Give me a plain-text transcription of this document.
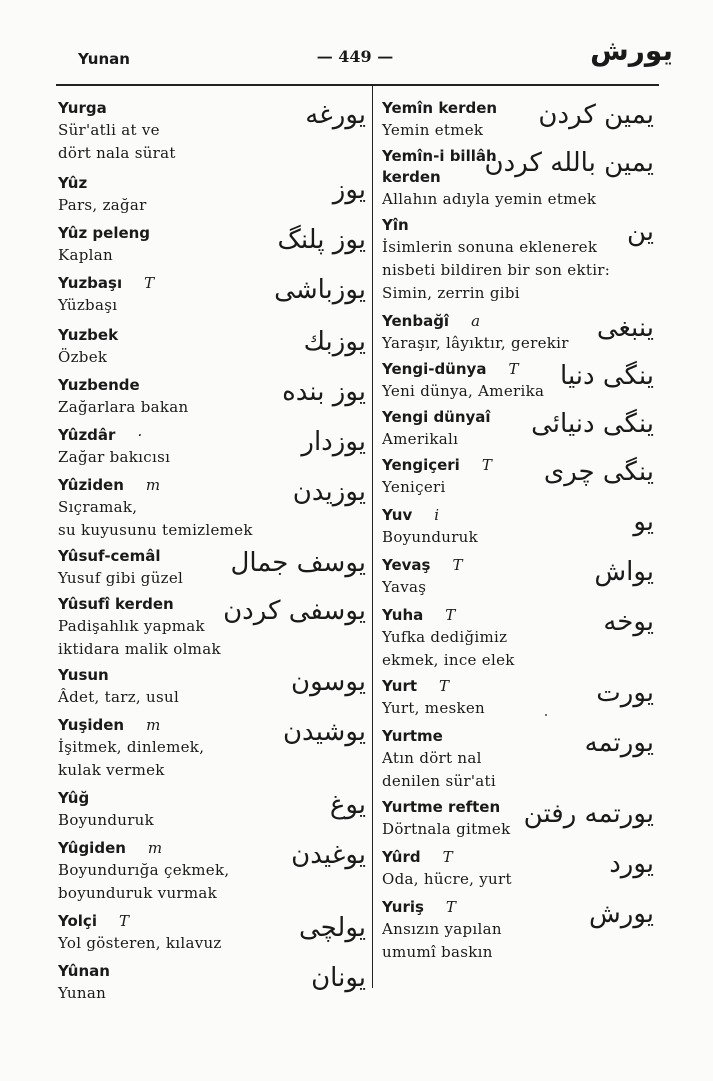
Yunan	— 449 —	يورش
Yurga
Sür'atli at ve
dört nala sürat
يورغه
Yûz
Pars, zağar	يوز
Yûz peleng
Kaplan	يوز پلنگ
Yuzbaşı T
Yüzbaşı	يوزباشى
Yuzbek
Özbek	يوزبك
Yuzbende
Zağarlara bakan	يوز بنده
Yûzdâr ·
Zağar bakıcısı	يوزدار
Yûziden m
Sıçramak,
su kuyusunu temizlemek
يوزيدن
Yûsuf-cemâl
Yusuf gibi güzel	يوسف جمال
Yûsufî kerden
Padişahlık yapmak
iktidara malik olmak
يوسفى كردن
Yusun
Âdet, tarz, usul	يوسون
Yuşiden m
İşitmek, dinlemek,
kulak vermek
يوشيدن
Yûğ
Boyunduruk	يوغ
Yûgiden m
Boyundurığa çekmek,
boyunduruk vurmak
يوغيدن
Yolçi T
Yol gösteren, kılavuz	يولچى
Yûnan
Yunan	يونان
Yemîn kerden
Yemin etmek	يمين كردن
Yemîn-i billâh
kerden
Allahın adıyla yemin etmek
يمين بالله كردن
Yîn
İsimlerin sonuna eklenerek
nisbeti bildiren bir son ektir:
Simin, zerrin gibi
ين
Yenbağî a
Yaraşır, lâyıktır, gerekir	ينبغى
Yengi-dünya T
Yeni dünya, Amerika ينگى دنيا
Yengi dünyaî
Amerikalı	ينگى دنيائى
Yengiçeri T
Yeniçeri	ينگى چرى
Yuv i
Boyunduruk	يو
Yevaş T
Yavaş	يواش
Yuha T
Yufka dediğimiz
ekmek, ince elek
يوخه
Yurt T
Yurt, mesken	يورت
Yurtme
Atın dört nal
denilen sür'ati
يورتمه
Yurtme reften
Dörtnala gitmek يورتمه رفتن
Yûrd T
Oda, hücre, yurt	يورد
Yuriş T
Ansızın yapılan
umumî baskın
يورش
